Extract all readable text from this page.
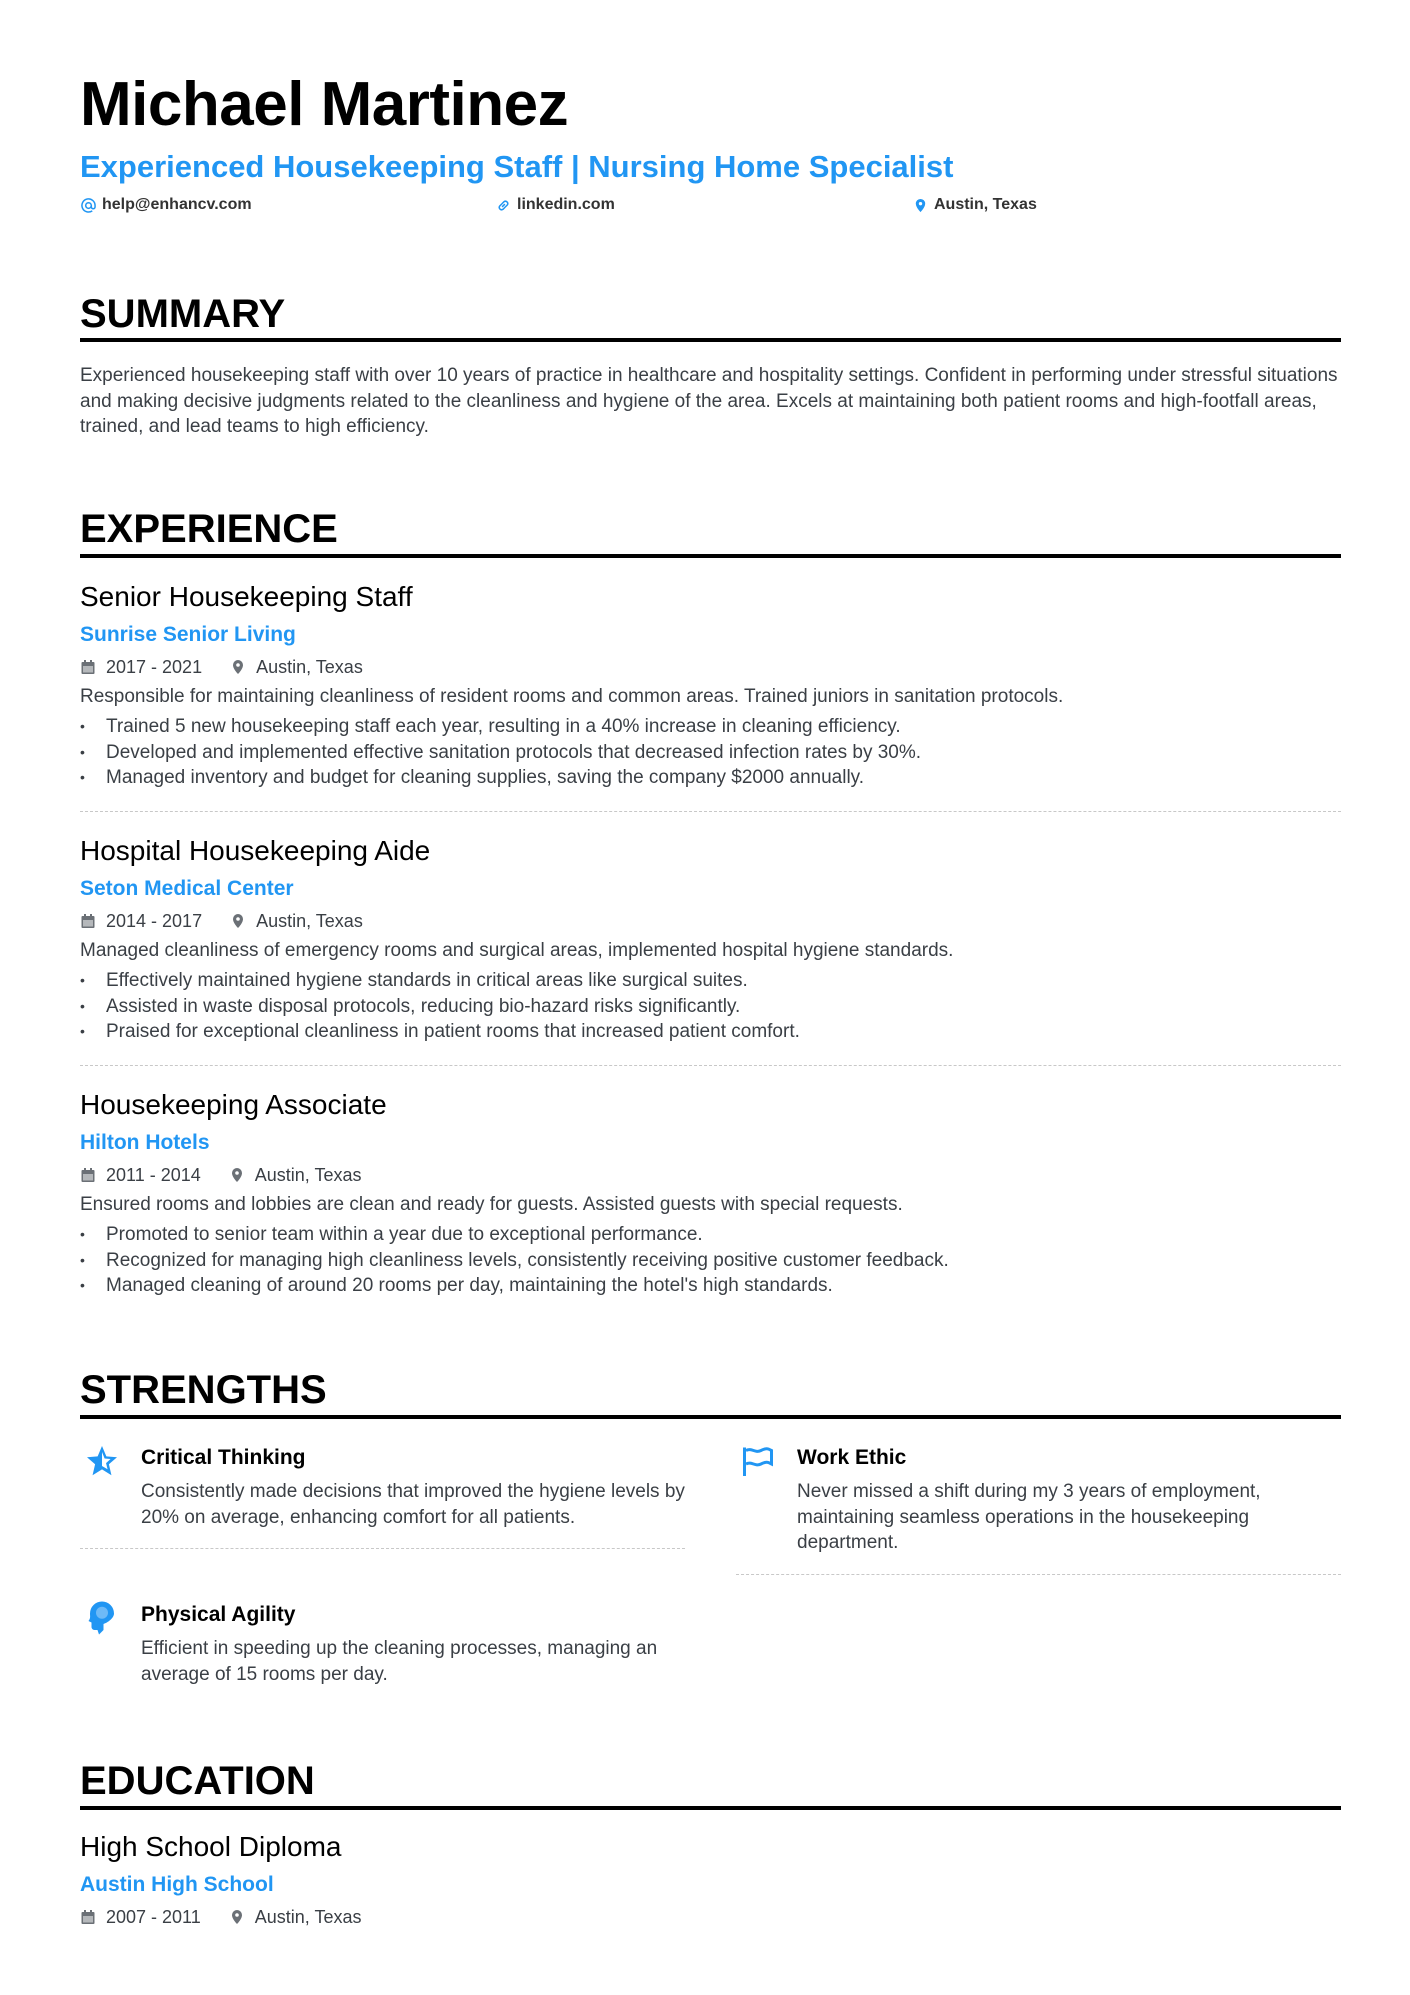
Michael Martinez
Experienced Housekeeping Staff | Nursing Home Specialist
help@enhancv.com	linkedin.com	Austin, Texas
SUMMARY
Experienced housekeeping staff with over 10 years of practice in healthcare and hospitality settings. Confident in performing under stressful situations and making decisive judgments related to the cleanliness and hygiene of the area. Excels at maintaining both patient rooms and high-footfall areas, trained, and lead teams to high efficiency.
EXPERIENCE
Senior Housekeeping Staff
Sunrise Senior Living
2017 - 2021	Austin, Texas
Responsible for maintaining cleanliness of resident rooms and common areas. Trained juniors in sanitation protocols.
• Trained 5 new housekeeping staff each year, resulting in a 40% increase in cleaning efficiency.
• Developed and implemented effective sanitation protocols that decreased infection rates by 30%.
• Managed inventory and budget for cleaning supplies, saving the company $2000 annually.
Hospital Housekeeping Aide
Seton Medical Center
2014 - 2017	Austin, Texas
Managed cleanliness of emergency rooms and surgical areas, implemented hospital hygiene standards.
• Effectively maintained hygiene standards in critical areas like surgical suites.
• Assisted in waste disposal protocols, reducing bio-hazard risks significantly.
• Praised for exceptional cleanliness in patient rooms that increased patient comfort.
Housekeeping Associate
Hilton Hotels
2011 - 2014	Austin, Texas
Ensured rooms and lobbies are clean and ready for guests. Assisted guests with special requests.
• Promoted to senior team within a year due to exceptional performance.
• Recognized for managing high cleanliness levels, consistently receiving positive customer feedback.
• Managed cleaning of around 20 rooms per day, maintaining the hotel's high standards.
STRENGTHS
Critical Thinking
Consistently made decisions that improved the hygiene levels by 20% on average, enhancing comfort for all patients.
Work Ethic
Never missed a shift during my 3 years of employment, maintaining seamless operations in the housekeeping department.
Physical Agility
Efficient in speeding up the cleaning processes, managing an average of 15 rooms per day.
EDUCATION
High School Diploma
Austin High School
2007 - 2011	Austin, Texas
